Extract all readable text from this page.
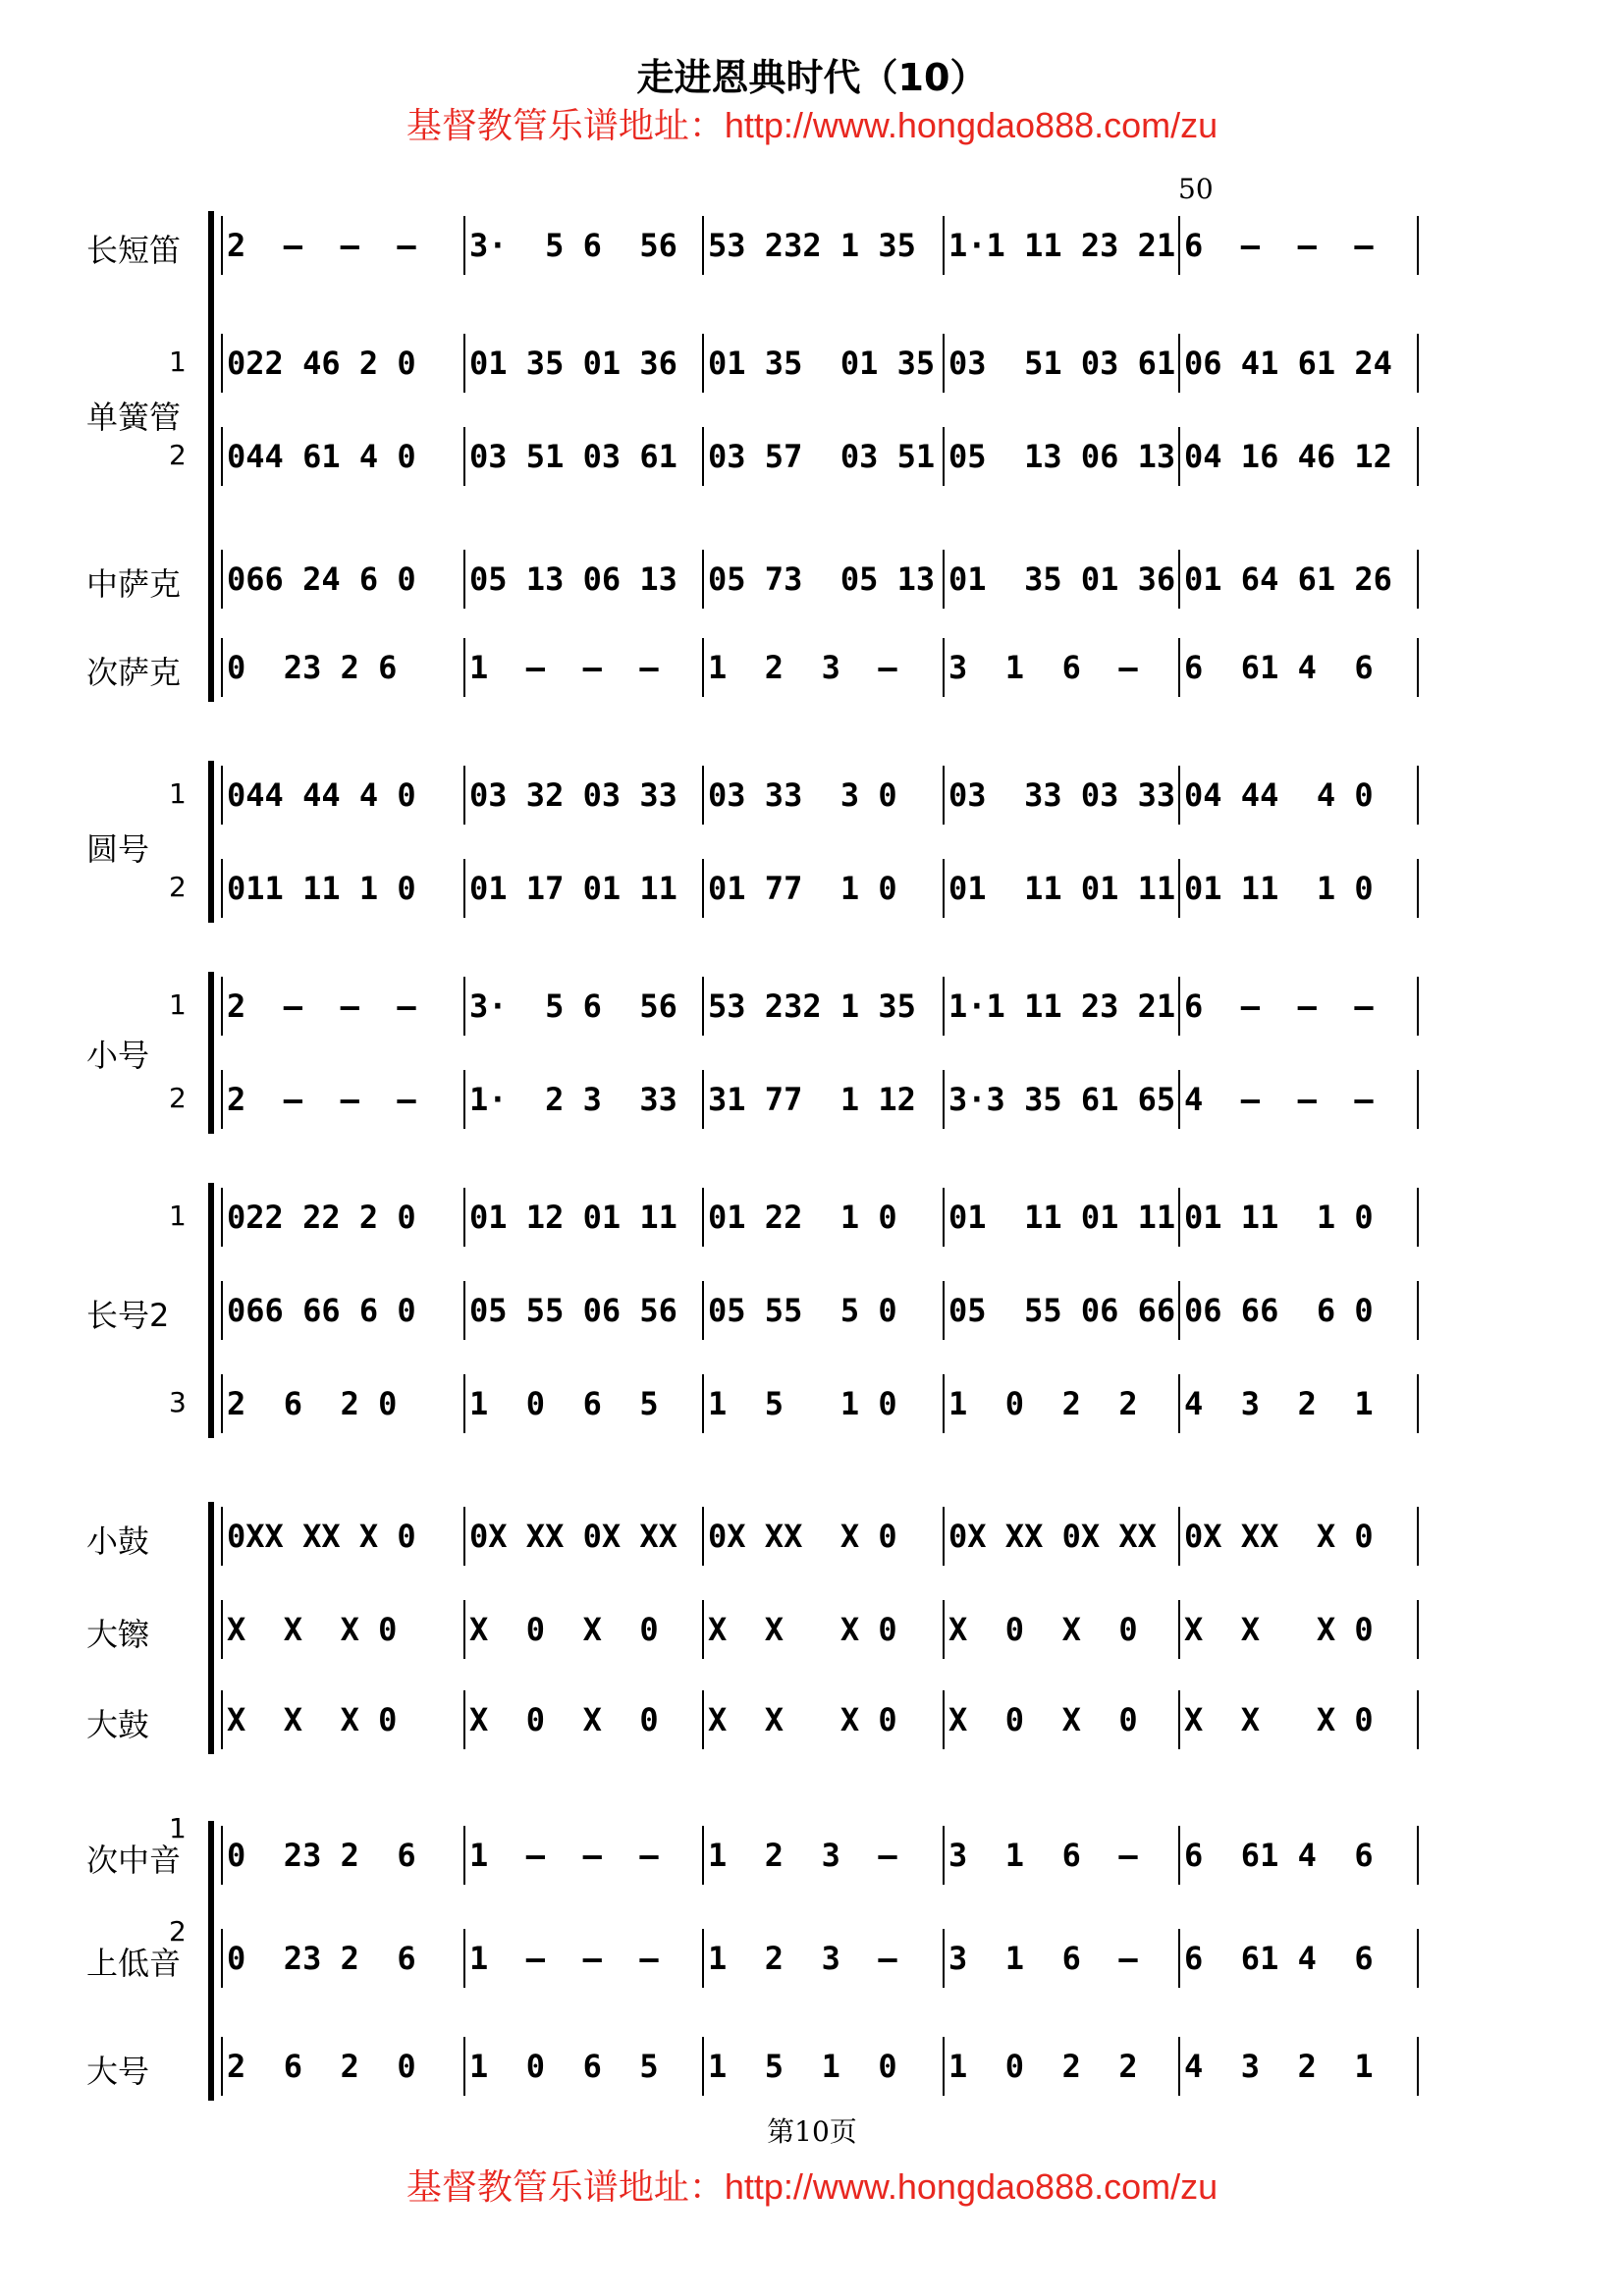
走进恩典时代（10）
基督教管乐谱地址：http://www.hongdao888.com/zu
50
长短笛 2  –  –  – 3·  5 6  56 53 232 1 35 1·1 11 23 21 6  –  –  –
1 022 46 2 0 01 35 01 36 01 35  01 35 03  51 03 61 06 41 61 24
单簧管
2 044 61 4 0 03 51 03 61 03 57  03 51 05  13 06 13 04 16 46 12
中萨克 066 24 6 0 05 13 06 13 05 73  05 13 01  35 01 36 01 64 61 26
次萨克 0  23 2 6 1  –  –  – 1  2  3  – 3  1  6  – 6  61 4  6
1 044 44 4 0 03 32 03 33 03 33  3 0 03  33 03 33 04 44  4 0
圆号
2 011 11 1 0 01 17 01 11 01 77  1 0 01  11 01 11 01 11  1 0
1 2  –  –  – 3·  5 6  56 53 232 1 35 1·1 11 23 21 6  –  –  –
小号
2 2  –  –  – 1·  2 3  33 31 77  1 12 3·3 35 61 65 4  –  –  –
1 022 22 2 0 01 12 01 11 01 22  1 0 01  11 01 11 01 11  1 0
长号2 066 66 6 0 05 55 06 56 05 55  5 0 05  55 06 66 06 66  6 0
3 2  6  2 0 1  0  6  5 1  5   1 0 1  0  2  2 4  3  2  1
小鼓 0XX XX X 0 0X XX 0X XX 0X XX  X 0 0X XX 0X XX 0X XX  X 0
大镲 X  X  X 0 X  0  X  0 X  X   X 0 X  0  X  0 X  X   X 0
大鼓 X  X  X 0 X  0  X  0 X  X   X 0 X  0  X  0 X  X   X 0
次中音
1
0  23 2  6 1  –  –  – 1  2  3  – 3  1  6  – 6  61 4  6
上低音
2
0  23 2  6 1  –  –  – 1  2  3  – 3  1  6  – 6  61 4  6
大号 2  6  2  0 1  0  6  5 1  5  1  0 1  0  2  2 4  3  2  1
第10页
基督教管乐谱地址：http://www.hongdao888.com/zu
